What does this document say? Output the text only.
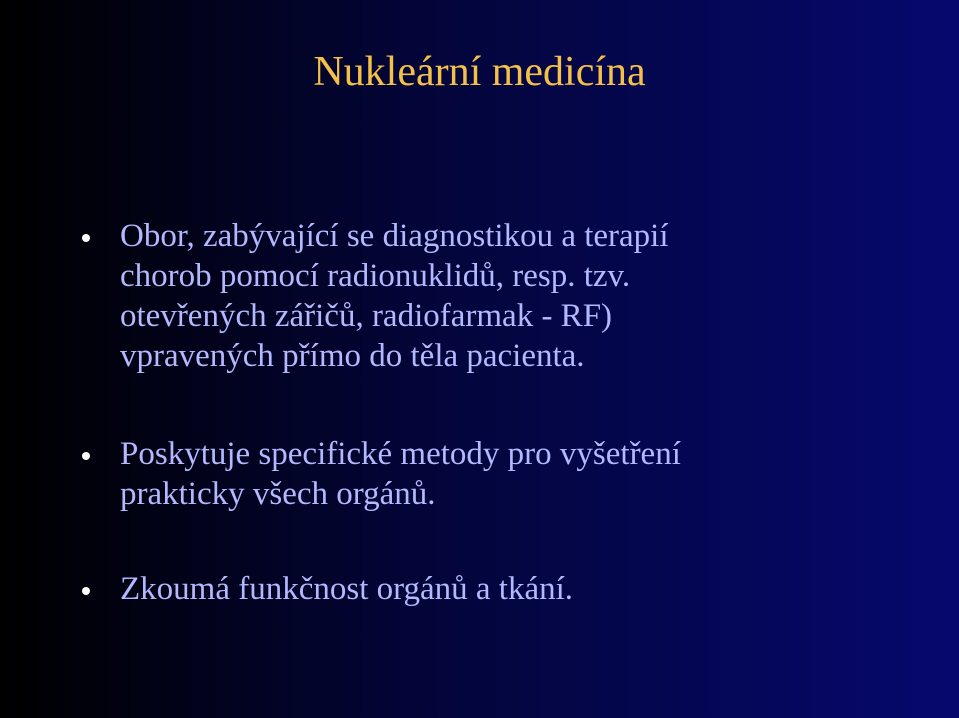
Nukleární medicína
Obor, zabývající se diagnostikou a terapií
chorob pomocí radionuklidů, resp. tzv.
otevřených zářičů, radiofarmak - RF)
vpravených přímo do těla pacienta.
Poskytuje specifické metody pro vyšetření
prakticky všech orgánů.
Zkoumá funkčnost orgánů a tkání.
